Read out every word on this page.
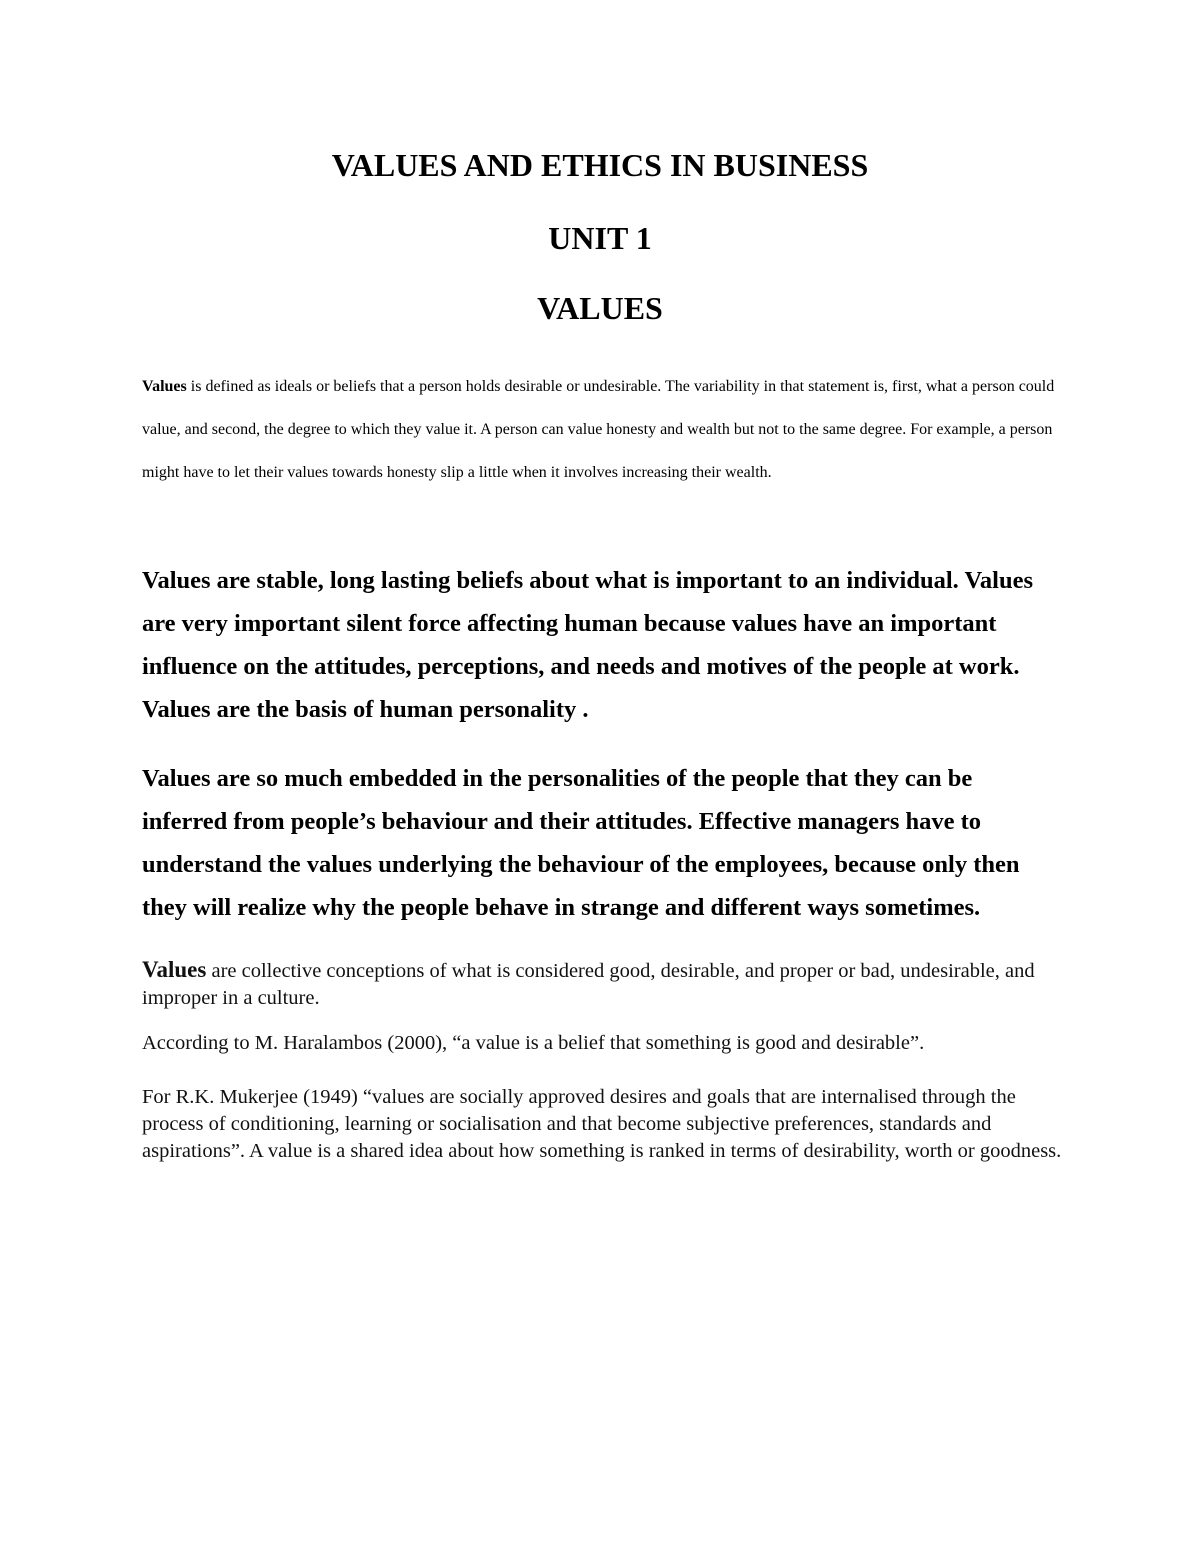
VALUES AND ETHICS IN BUSINESS
UNIT 1
VALUES

Values is defined as ideals or beliefs that a person holds desirable or undesirable. The variability in that statement is, first, what a person could value, and second, the degree to which they value it. A person can value honesty and wealth but not to the same degree. For example, a person might have to let their values towards honesty slip a little when it involves increasing their wealth.

Values are stable, long lasting beliefs about what is important to an individual. Values are very important silent force affecting human because values have an important influence on the attitudes, perceptions, and needs and motives of the people at work. Values are the basis of human personality .

Values are so much embedded in the personalities of the people that they can be inferred from people’s behaviour and their attitudes. Effective managers have to understand the values underlying the behaviour of the employees, because only then they will realize why the people behave in strange and different ways sometimes.

Values are collective conceptions of what is considered good, desirable, and proper or bad, undesirable, and improper in a culture.

According to M. Haralambos (2000), “a value is a belief that something is good and desirable”.

For R.K. Mukerjee (1949) “values are socially approved desires and goals that are internalised through the process of conditioning, learning or socialisation and that become subjective preferences, standards and aspirations”. A value is a shared idea about how something is ranked in terms of desirability, worth or goodness.
